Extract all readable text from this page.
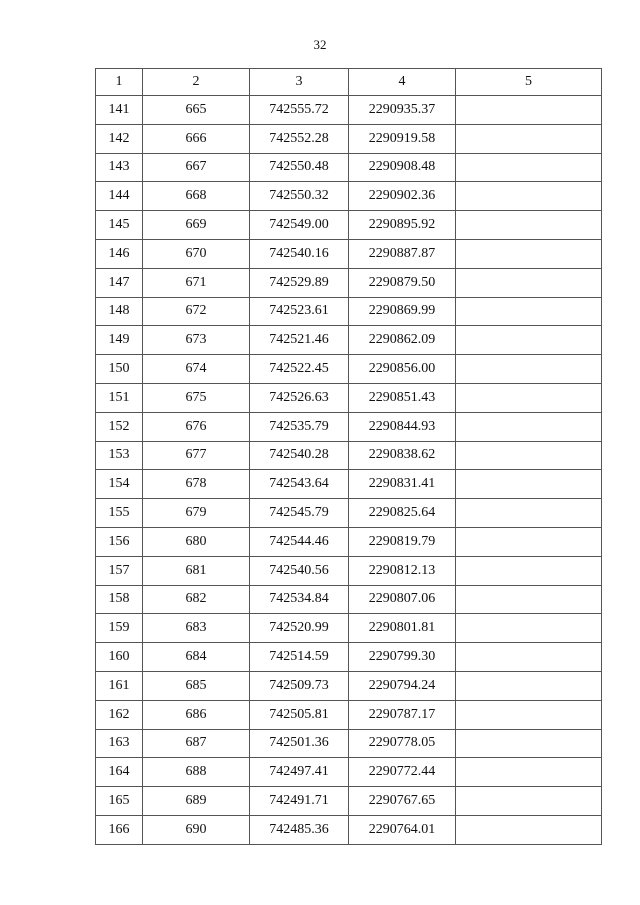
32
1	2	3	4	5
141	665	742555.72	2290935.37	
142	666	742552.28	2290919.58	
143	667	742550.48	2290908.48	
144	668	742550.32	2290902.36	
145	669	742549.00	2290895.92	
146	670	742540.16	2290887.87	
147	671	742529.89	2290879.50	
148	672	742523.61	2290869.99	
149	673	742521.46	2290862.09	
150	674	742522.45	2290856.00	
151	675	742526.63	2290851.43	
152	676	742535.79	2290844.93	
153	677	742540.28	2290838.62	
154	678	742543.64	2290831.41	
155	679	742545.79	2290825.64	
156	680	742544.46	2290819.79	
157	681	742540.56	2290812.13	
158	682	742534.84	2290807.06	
159	683	742520.99	2290801.81	
160	684	742514.59	2290799.30	
161	685	742509.73	2290794.24	
162	686	742505.81	2290787.17	
163	687	742501.36	2290778.05	
164	688	742497.41	2290772.44	
165	689	742491.71	2290767.65	
166	690	742485.36	2290764.01	
